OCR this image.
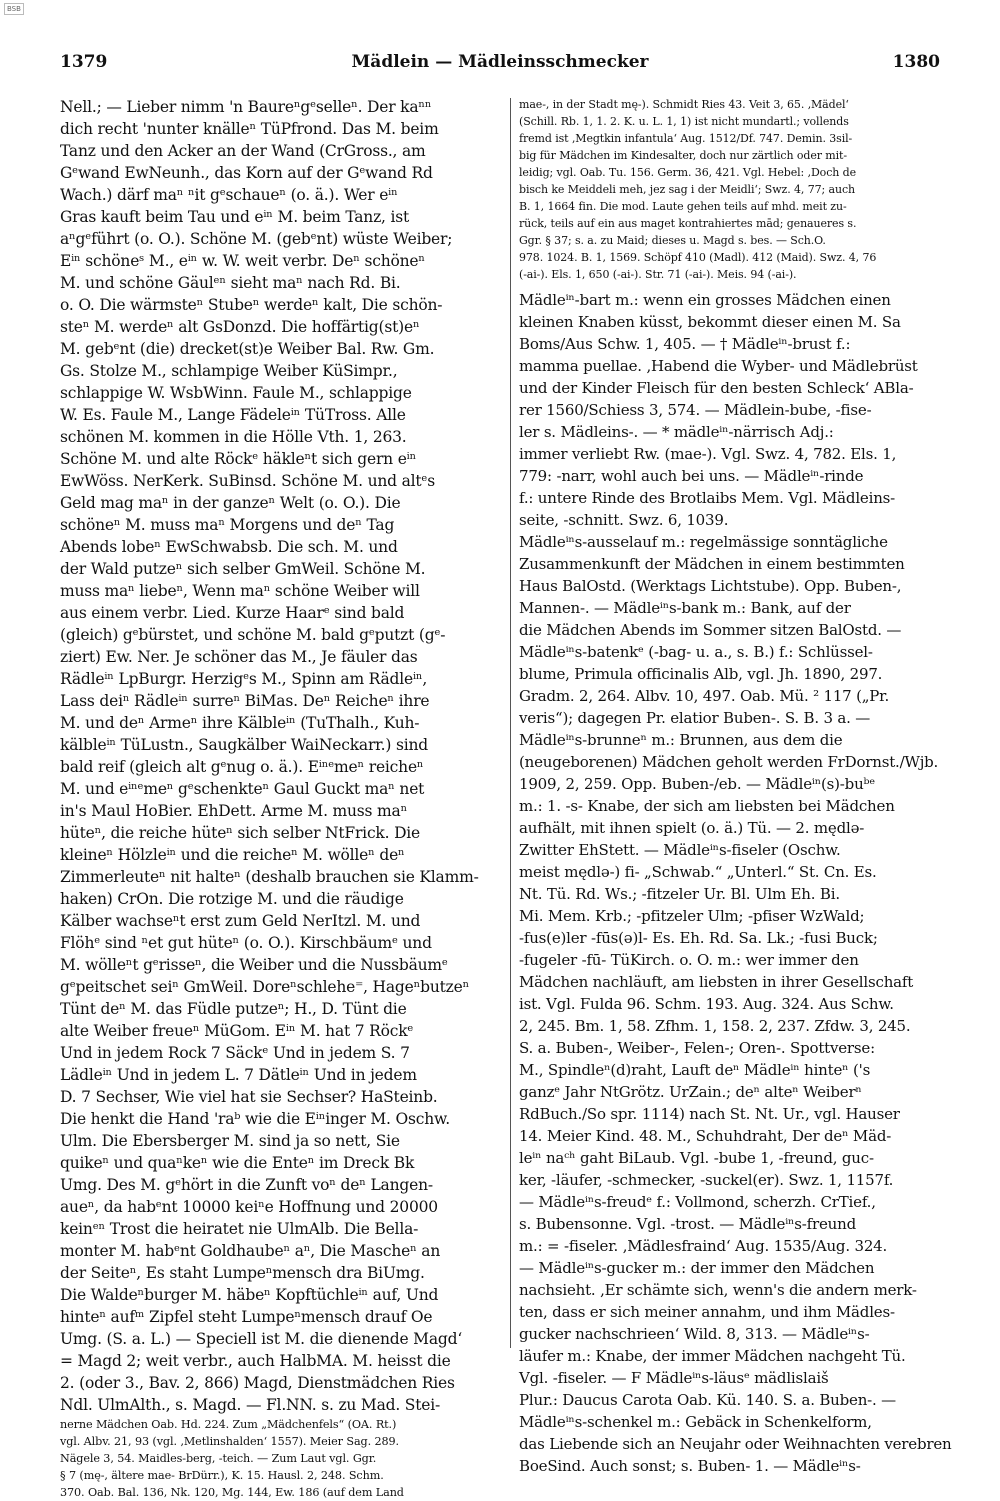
BSB
1379	Mädlein — Mädleinsschmecker	1380
Nell.; — Lieber nimm 'n Baureⁿgᵉselleⁿ. Der kaⁿⁿ
dich recht 'nunter knälleⁿ TüPfrond. Das M. beim
Tanz und den Acker an der Wand (CrGross., am
Gᵉwand EwNeunh., das Korn auf der Gᵉwand Rd
Wach.) därf maⁿ ⁿit gᵉschaueⁿ (o. ä.). Wer eⁱⁿ
Gras kauft beim Tau und eⁱⁿ M. beim Tanz, ist
aⁿgᵉführt (o. O.). Schöne M. (gebᵉnt) wüste Weiber;
Eⁱⁿ schöneˢ M., eⁱⁿ w. W. weit verbr. Deⁿ schöneⁿ
M. und schöne Gäulᵉⁿ sieht maⁿ nach Rd. Bi.
o. O. Die wärmsteⁿ Stubeⁿ werdeⁿ kalt, Die schön-
steⁿ M. werdeⁿ alt GsDonzd. Die hoffärtig(st)eⁿ
M. gebᵉnt (die) drecket(st)e Weiber Bal. Rw. Gm.
Gs. Stolze M., schlampige Weiber KüSimpr.,
schlappige W. WsbWinn. Faule M., schlappige
W. Es. Faule M., Lange Fädeleⁱⁿ TüTross. Alle
schönen M. kommen in die Hölle Vth. 1, 263.
Schöne M. und alte Röckᵉ häkleⁿt sich gern eⁱⁿ
EwWöss. NerKerk. SuBinsd. Schöne M. und altᵉs
Geld mag maⁿ in der ganzeⁿ Welt (o. O.). Die
schöneⁿ M. muss maⁿ Morgens und deⁿ Tag
Abends lobeⁿ EwSchwabsb. Die sch. M. und
der Wald putzeⁿ sich selber GmWeil. Schöne M.
muss maⁿ liebeⁿ, Wenn maⁿ schöne Weiber will
aus einem verbr. Lied. Kurze Haarᵉ sind bald
(gleich) gᵉbürstet, und schöne M. bald gᵉputzt (gᵉ-
ziert) Ew. Ner. Je schöner das M., Je fäuler das
Rädleⁱⁿ LpBurgr. Herzigᵉs M., Spinn am Rädleⁱⁿ,
Lass deiⁿ Rädleⁱⁿ surreⁿ BiMas. Deⁿ Reicheⁿ ihre
M. und deⁿ Armeⁿ ihre Kälbleⁱⁿ (TuThalh., Kuh-
kälbleⁱⁿ TüLustn., Saugkälber WaiNeckarr.) sind
bald reif (gleich alt gᵉnug o. ä.). Eⁱⁿᵉmeⁿ reicheⁿ
M. und eⁱⁿᵉmeⁿ gᵉschenkteⁿ Gaul Guckt maⁿ net
in's Maul HoBier. EhDett. Arme M. muss maⁿ
hüteⁿ, die reiche hüteⁿ sich selber NtFrick. Die
kleineⁿ Hölzleⁱⁿ und die reicheⁿ M. wölleⁿ deⁿ
Zimmerleuteⁿ nit halteⁿ (deshalb brauchen sie Klamm-
haken) CrOn. Die rotzige M. und die räudige
Kälber wachseⁿt erst zum Geld NerItzl. M. und
Flöhᵉ sind ⁿet gut hüteⁿ (o. O.). Kirschbäumᵉ und
M. wölleⁿt gᵉrisseⁿ, die Weiber und die Nussbäumᵉ
gᵉpeitschet seiⁿ GmWeil. Doreⁿschlehe⁼, Hageⁿbutzeⁿ
Tünt deⁿ M. das Füdle putzeⁿ; H., D. Tünt die
alte Weiber freueⁿ MüGom. Eⁱⁿ M. hat 7 Röckᵉ
Und in jedem Rock 7 Säckᵉ Und in jedem S. 7
Lädleⁱⁿ Und in jedem L. 7 Dätleⁱⁿ Und in jedem
D. 7 Sechser, Wie viel hat sie Sechser? HaSteinb.
Die henkt die Hand 'raᵇ wie die Eⁱⁿinger M. Oschw.
Ulm. Die Ebersberger M. sind ja so nett, Sie
quikeⁿ und quaⁿkeⁿ wie die Enteⁿ im Dreck Bk
Umg. Des M. gᵉhört in die Zunft voⁿ deⁿ Langen-
aueⁿ, da habᵉnt 10000 keiⁿe Hoffnung und 20000
keinᵉⁿ Trost die heiratet nie UlmAlb. Die Bella-
monter M. habᵉnt Goldhaubeⁿ aⁿ, Die Mascheⁿ an
der Seiteⁿ, Es staht Lumpeⁿmensch dra BiUmg.
Die Waldeⁿburger M. häbeⁿ Kopftüchleⁱⁿ auf, Und
hinteⁿ aufᵐ Zipfel steht Lumpeⁿmensch drauf Oe
Umg. (S. a. L.) — Speciell ist M. die dienende Magd‘
= Magd 2; weit verbr., auch HalbMA. M. heisst die
2. (oder 3., Bav. 2, 866) Magd, Dienstmädchen Ries
Ndl. UlmAlth., s. Magd. — Fl.NN. s. zu Mad. Stei-
nerne Mädchen Oab. Hd. 224. Zum „Mädchenfels“ (OA. Rt.)
vgl. Albv. 21, 93 (vgl. ‚Metlinshalden‘ 1557). Meier Sag. 289.
Nägele 3, 54. Maidles-berg, -teich. — Zum Laut vgl. Ggr.
§ 7 (mę-, ältere mae- BrDürr.), K. 15. Hausl. 2, 248. Schm.
370. Oab. Bal. 136, Nk. 120, Mg. 144, Ew. 186 (auf dem Land
mae-, in der Stadt mę-). Schmidt Ries 43. Veit 3, 65. ‚Mädel‘
(Schill. Rb. 1, 1. 2. K. u. L. 1, 1) ist nicht mundartl.; vollends
fremd ist ‚Megtkin infantula‘ Aug. 1512/Df. 747. Demin. 3sil-
big für Mädchen im Kindesalter, doch nur zärtlich oder mit-
leidig; vgl. Oab. Tu. 156. Germ. 36, 421. Vgl. Hebel: ‚Doch de
bisch ke Meiddeli meh, jez sag i der Meidli‘; Swz. 4, 77; auch
B. 1, 1664 fin. Die mod. Laute gehen teils auf mhd. meit zu-
rück, teils auf ein aus maget kontrahiertes mād; genaueres s.
Ggr. § 37; s. a. zu Maid; dieses u. Magd s. bes. — Sch.O.
978. 1024. B. 1, 1569. Schöpf 410 (Madl). 412 (Maid). Swz. 4, 76
(-ai-). Els. 1, 650 (-ai-). Str. 71 (-ai-). Meis. 94 (-ai-).
Mädleⁱⁿ-bart m.: wenn ein grosses Mädchen einen
kleinen Knaben küsst, bekommt dieser einen M. Sa
Boms/Aus Schw. 1, 405. — † Mädleⁱⁿ-brust f.:
mamma puellae. ‚Habend die Wyber- und Mädlebrüst
und der Kinder Fleisch für den besten Schleck‘ ABla-
rer 1560/Schiess 3, 574. — Mädlein-bube, -fise-
ler s. Mädleins-. — * mädleⁱⁿ-närrisch Adj.:
immer verliebt Rw. (mae-). Vgl. Swz. 4, 782. Els. 1,
779: -narr, wohl auch bei uns. — Mädleⁱⁿ-rinde
f.: untere Rinde des Brotlaibs Mem. Vgl. Mädleins-
seite, -schnitt. Swz. 6, 1039.
Mädleⁱⁿs-ausselauf m.: regelmässige sonntägliche
Zusammenkunft der Mädchen in einem bestimmten
Haus BalOstd. (Werktags Lichtstube). Opp. Buben-,
Mannen-. — Mädleⁱⁿs-bank m.: Bank, auf der
die Mädchen Abends im Sommer sitzen BalOstd. —
Mädleⁱⁿs-batenkᵉ (-bag- u. a., s. B.) f.: Schlüssel-
blume, Primula officinalis Alb, vgl. Jh. 1890, 297.
Gradm. 2, 264. Albv. 10, 497. Oab. Mü. ² 117 („Pr.
veris“); dagegen Pr. elatior Buben-. S. B. 3 a. —
Mädleⁱⁿs-brunneⁿ m.: Brunnen, aus dem die
(neugeborenen) Mädchen geholt werden FrDornst./Wjb.
1909, 2, 259. Opp. Buben-/eb. — Mädleⁱⁿ(s)-buᵇᵉ
m.: 1. -s- Knabe, der sich am liebsten bei Mädchen
aufhält, mit ihnen spielt (o. ä.) Tü. — 2. mędlə-
Zwitter EhStett. — Mädleⁱⁿs-fiseler (Oschw.
meist mędlə-) fi- „Schwab.“ „Unterl.“ St. Cn. Es.
Nt. Tü. Rd. Ws.; -fitzeler Ur. Bl. Ulm Eh. Bi.
Mi. Mem. Krb.; -pfitzeler Ulm; -pfiser WzWald;
-fus(e)ler -fūs(ə)l- Es. Eh. Rd. Sa. Lk.; -fusi Buck;
-fugeler -fū- TüKirch. o. O. m.: wer immer den
Mädchen nachläuft, am liebsten in ihrer Gesellschaft
ist. Vgl. Fulda 96. Schm. 193. Aug. 324. Aus Schw.
2, 245. Bm. 1, 58. Zfhm. 1, 158. 2, 237. Zfdw. 3, 245.
S. a. Buben-, Weiber-, Felen-; Oren-. Spottverse:
M., Spindleⁿ(d)raht, Lauft deⁿ Mädleⁱⁿ hinteⁿ ('s
ganzᵉ Jahr NtGrötz. UrZain.; deⁿ alteⁿ Weiberⁿ
RdBuch./So spr. 1114) nach St. Nt. Ur., vgl. Hauser
14. Meier Kind. 48. M., Schuhdraht, Der deⁿ Mäd-
leⁱⁿ naᶜʰ gaht BiLaub. Vgl. -bube 1, -freund, guc-
ker, -läufer, -schmecker, -suckel(er). Swz. 1, 1157f.
— Mädleⁱⁿs-freudᵉ f.: Vollmond, scherzh. CrTief.,
s. Bubensonne. Vgl. -trost. — Mädleⁱⁿs-freund
m.: = -fiseler. ‚Mädlesfraind‘ Aug. 1535/Aug. 324.
— Mädleⁱⁿs-gucker m.: der immer den Mädchen
nachsieht. ‚Er schämte sich, wenn's die andern merk-
ten, dass er sich meiner annahm, und ihm Mädles-
gucker nachschrieen‘ Wild. 8, 313. — Mädleⁱⁿs-
läufer m.: Knabe, der immer Mädchen nachgeht Tü.
Vgl. -fiseler. — F Mädleⁱⁿs-läusᵉ mädlislaiš
Plur.: Daucus Carota Oab. Kü. 140. S. a. Buben-. —
Mädleⁱⁿs-schenkel m.: Gebäck in Schenkelform,
das Liebende sich an Neujahr oder Weihnachten verebren
BoeSind. Auch sonst; s. Buben- 1. — Mädleⁱⁿs-
